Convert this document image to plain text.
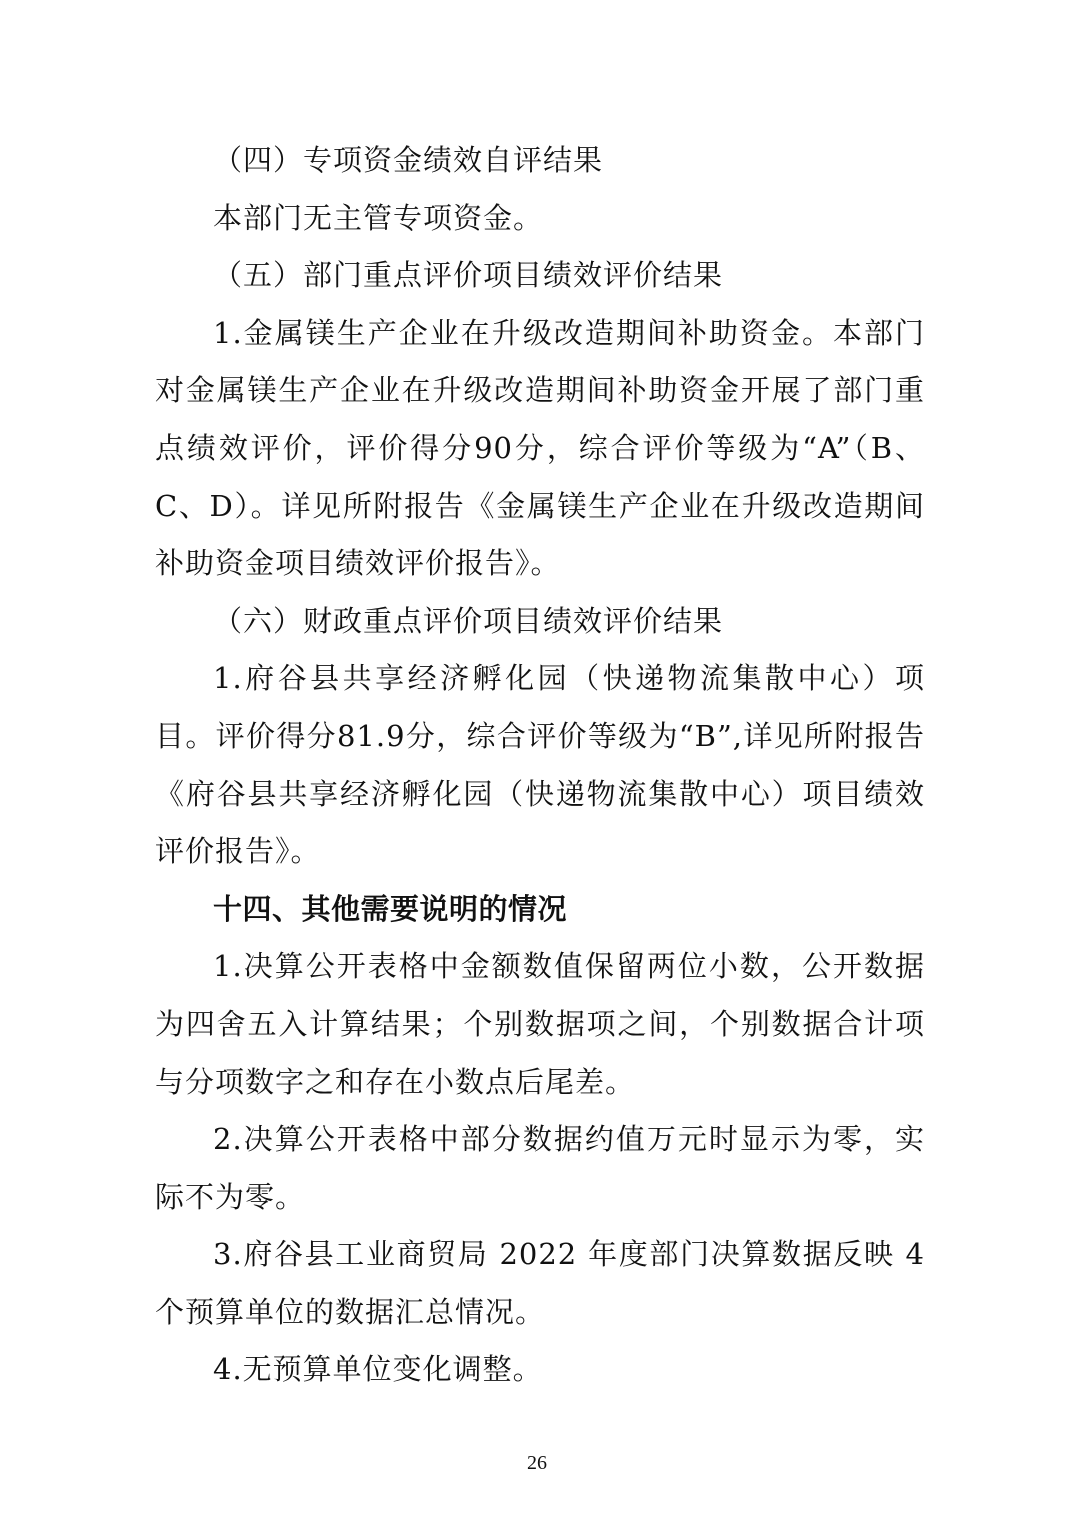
（四）专项资金绩效自评结果

本部门无主管专项资金。

（五）部门重点评价项目绩效评价结果

1.金属镁生产企业在升级改造期间补助资金。本部门对金属镁生产企业在升级改造期间补助资金开展了部门重点绩效评价，评价得分90分，综合评价等级为“A”（B、C、D）。详见所附报告《金属镁生产企业在升级改造期间补助资金项目绩效评价报告》。

（六）财政重点评价项目绩效评价结果

1.府谷县共享经济孵化园（快递物流集散中心）项目。评价得分81.9分，综合评价等级为“B”,详见所附报告《府谷县共享经济孵化园（快递物流集散中心）项目绩效评价报告》。

十四、其他需要说明的情况

1.决算公开表格中金额数值保留两位小数，公开数据为四舍五入计算结果；个别数据项之间，个别数据合计项与分项数字之和存在小数点后尾差。

2.决算公开表格中部分数据约值万元时显示为零，实际不为零。

3.府谷县工业商贸局 2022 年度部门决算数据反映 4 个预算单位的数据汇总情况。

4.无预算单位变化调整。

26
